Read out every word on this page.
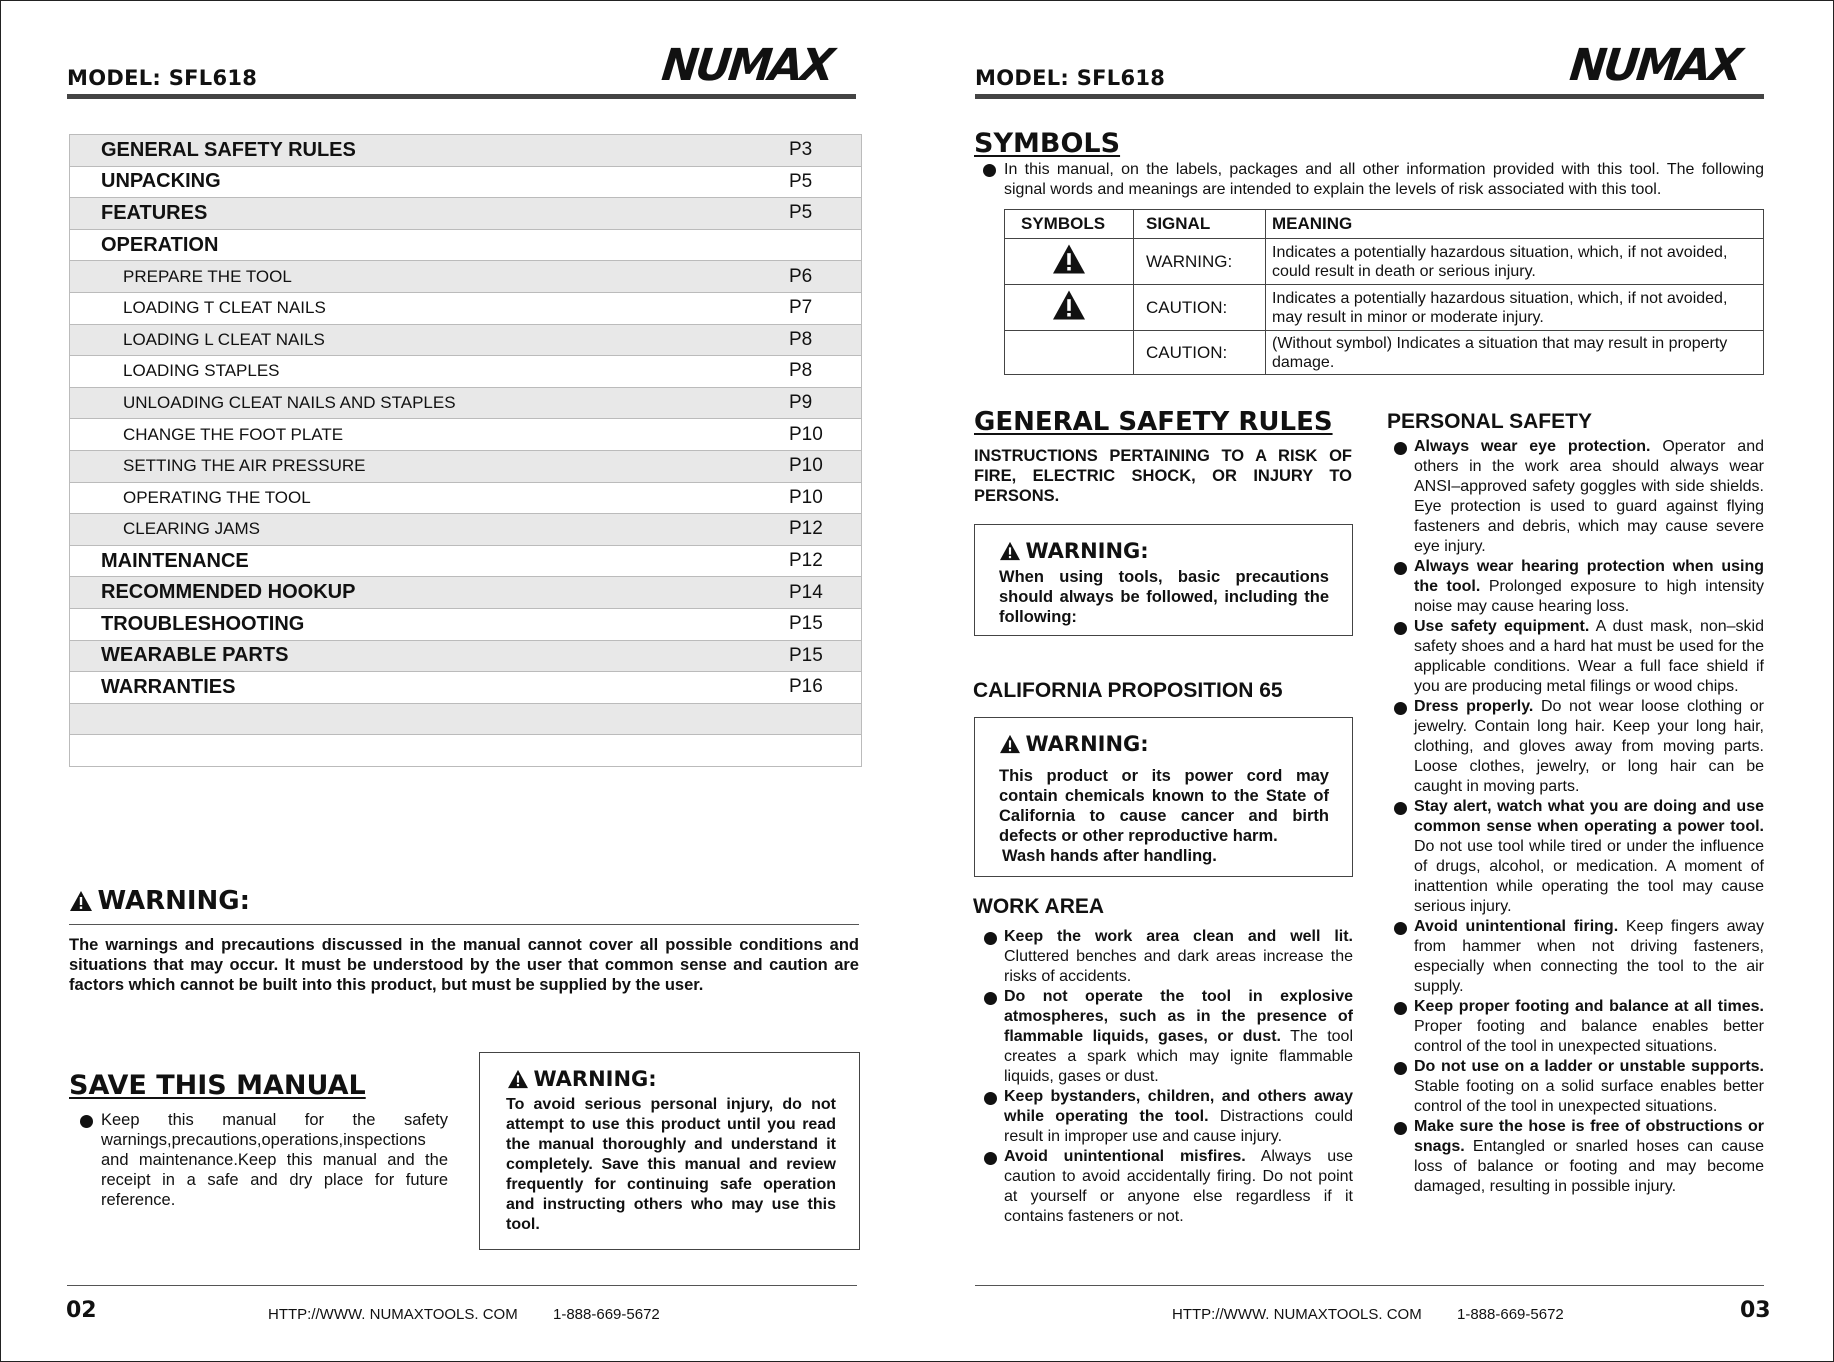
MODEL: SFL618	NUMAX
GENERAL SAFETY RULES	P3
UNPACKING	P5
FEATURES	P5
OPERATION
PREPARE THE TOOL	P6
LOADING T CLEAT NAILS	P7
LOADING L CLEAT NAILS	P8
LOADING STAPLES	P8
UNLOADING CLEAT NAILS AND STAPLES	P9
CHANGE THE FOOT PLATE	P10
SETTING THE AIR PRESSURE	P10
OPERATING THE TOOL	P10
CLEARING JAMS	P12
MAINTENANCE	P12
RECOMMENDED HOOKUP	P14
TROUBLESHOOTING	P15
WEARABLE PARTS	P15
WARRANTIES	P16
WARNING:
The warnings and precautions discussed in the manual cannot cover all possible conditions and situations that may occur. It must be understood by the user that common sense and caution are factors which cannot be built into this product, but must be supplied by the user.
SAVE THIS MANUAL
Keep this manual for the safety warnings,precautions,operations,inspections and maintenance.Keep this manual and the receipt in a safe and dry place for future reference.
WARNING:
To avoid serious personal injury, do not attempt to use this product until you read the manual thoroughly and understand it completely. Save this manual and review frequently for continuing safe operation and instructing others who may use this tool.
02	HTTP://WWW. NUMAXTOOLS. COM 1-888-669-5672
MODEL: SFL618	NUMAX
SYMBOLS
In this manual, on the labels, packages and all other information provided with this tool. The following signal words and meanings are intended to explain the levels of risk associated with this tool.
SYMBOLS	SIGNAL	MEANING
	WARNING:	Indicates a potentially hazardous situation, which, if not avoided, could result in death or serious injury.
	CAUTION:	Indicates a potentially hazardous situation, which, if not avoided, may result in minor or moderate injury.
	CAUTION:	(Without symbol) Indicates a situation that may result in property damage.
GENERAL SAFETY RULES
INSTRUCTIONS PERTAINING TO A RISK OF FIRE, ELECTRIC SHOCK, OR INJURY TO PERSONS.
WARNING:
When using tools, basic precautions should always be followed, including the following:
CALIFORNIA PROPOSITION 65
WARNING:
This product or its power cord may contain chemicals known to the State of California to cause cancer and birth defects or other reproductive harm.
Wash hands after handling.
WORK AREA
Keep the work area clean and well lit. Cluttered benches and dark areas increase the risks of accidents.
Do not operate the tool in explosive atmospheres, such as in the presence of flammable liquids, gases, or dust. The tool creates a spark which may ignite flammable liquids, gases or dust.
Keep bystanders, children, and others away while operating the tool. Distractions could result in improper use and cause injury.
Avoid unintentional misfires. Always use caution to avoid accidentally firing. Do not point at yourself or anyone else regardless if it contains fasteners or not.
PERSONAL SAFETY
Always wear eye protection. Operator and others in the work area should always wear ANSI–approved safety goggles with side shields. Eye protection is used to guard against flying fasteners and debris, which may cause severe eye injury.
Always wear hearing protection when using the tool. Prolonged exposure to high intensity noise may cause hearing loss.
Use safety equipment. A dust mask, non–skid safety shoes and a hard hat must be used for the applicable conditions. Wear a full face shield if you are producing metal filings or wood chips.
Dress properly. Do not wear loose clothing or jewelry. Contain long hair. Keep your long hair, clothing, and gloves away from moving parts. Loose clothes, jewelry, or long hair can be caught in moving parts.
Stay alert, watch what you are doing and use common sense when operating a power tool. Do not use tool while tired or under the influence of drugs, alcohol, or medication. A moment of inattention while operating the tool may cause serious injury.
Avoid unintentional firing. Keep fingers away from hammer when not driving fasteners, especially when connecting the tool to the air supply.
Keep proper footing and balance at all times. Proper footing and balance enables better control of the tool in unexpected situations.
Do not use on a ladder or unstable supports. Stable footing on a solid surface enables better control of the tool in unexpected situations.
Make sure the hose is free of obstructions or snags. Entangled or snarled hoses can cause loss of balance or footing and may become damaged, resulting in possible injury.
HTTP://WWW. NUMAXTOOLS. COM 1-888-669-5672	03
